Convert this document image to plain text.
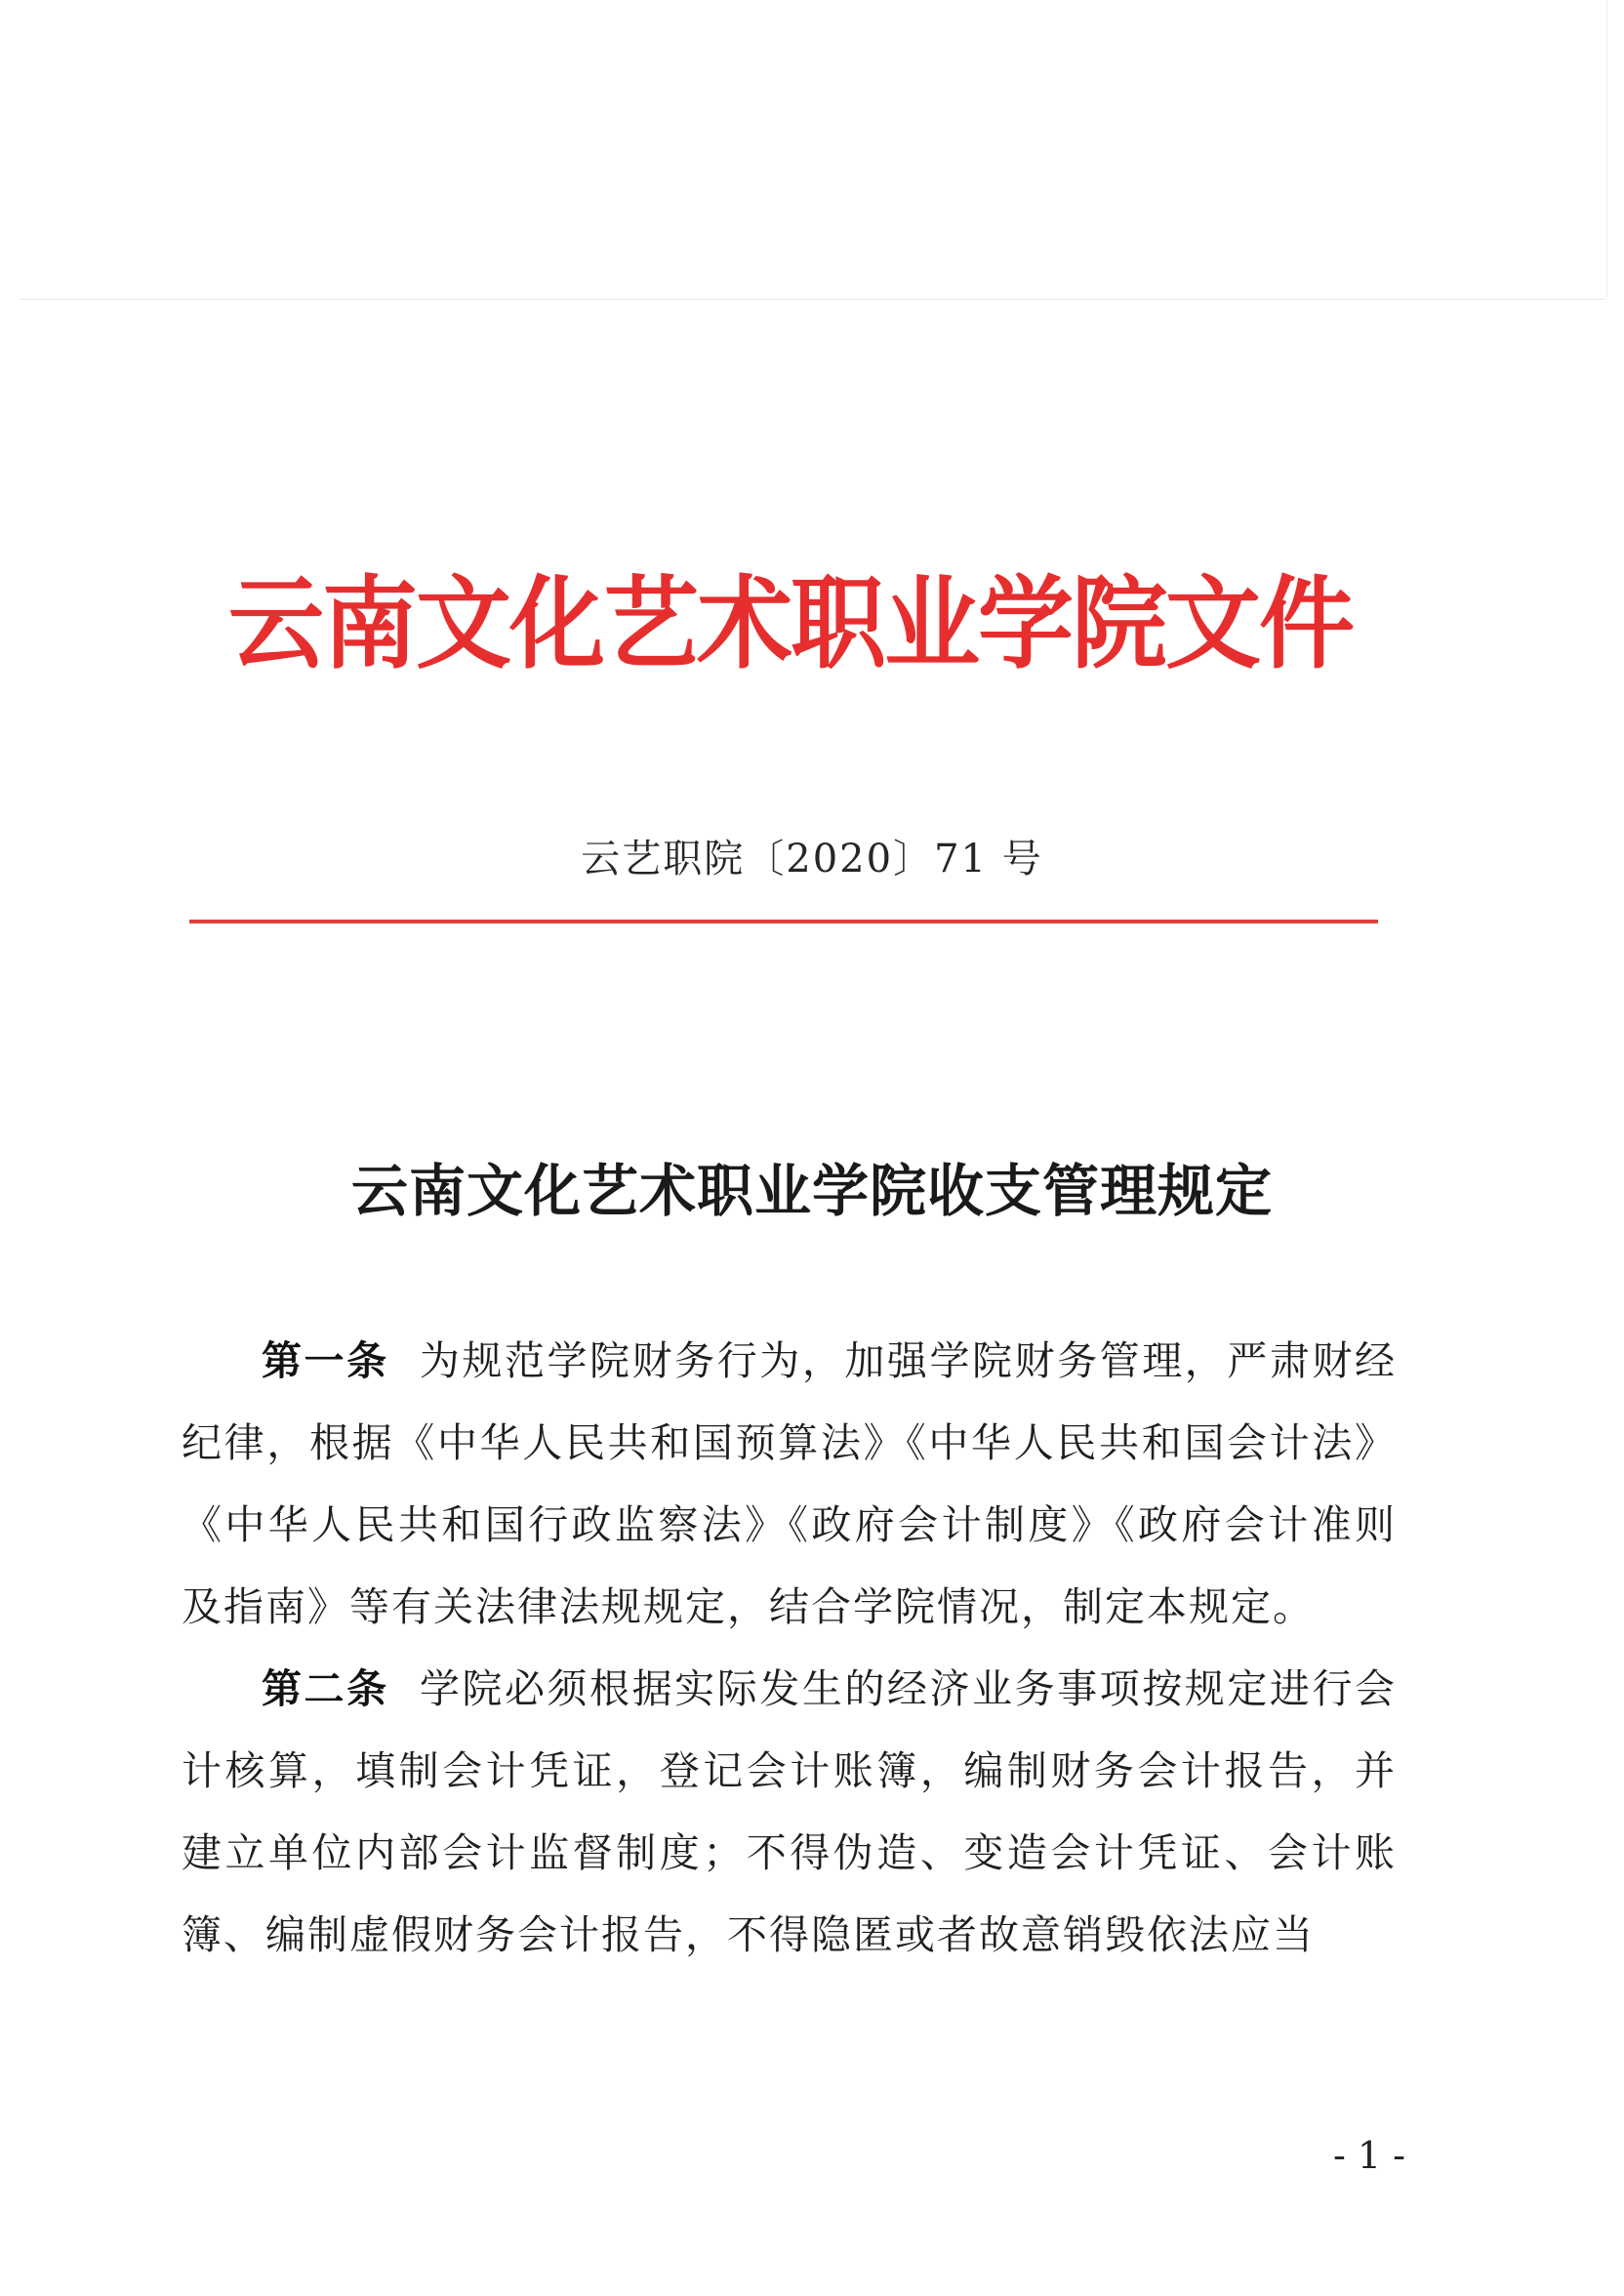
云南文化艺术职业学院文件
云艺职院〔2020〕71 号
云南文化艺术职业学院收支管理规定

第一条 为规范学院财务行为，加强学院财务管理，严肃财经纪律，根据《中华人民共和国预算法》《中华人民共和国会计法》《中华人民共和国行政监察法》《政府会计制度》《政府会计准则及指南》等有关法律法规规定，结合学院情况，制定本规定。

第二条 学院必须根据实际发生的经济业务事项按规定进行会计核算，填制会计凭证，登记会计账簿，编制财务会计报告，并建立单位内部会计监督制度；不得伪造、变造会计凭证、会计账簿、编制虚假财务会计报告，不得隐匿或者故意销毁依法应当

- 1 -
